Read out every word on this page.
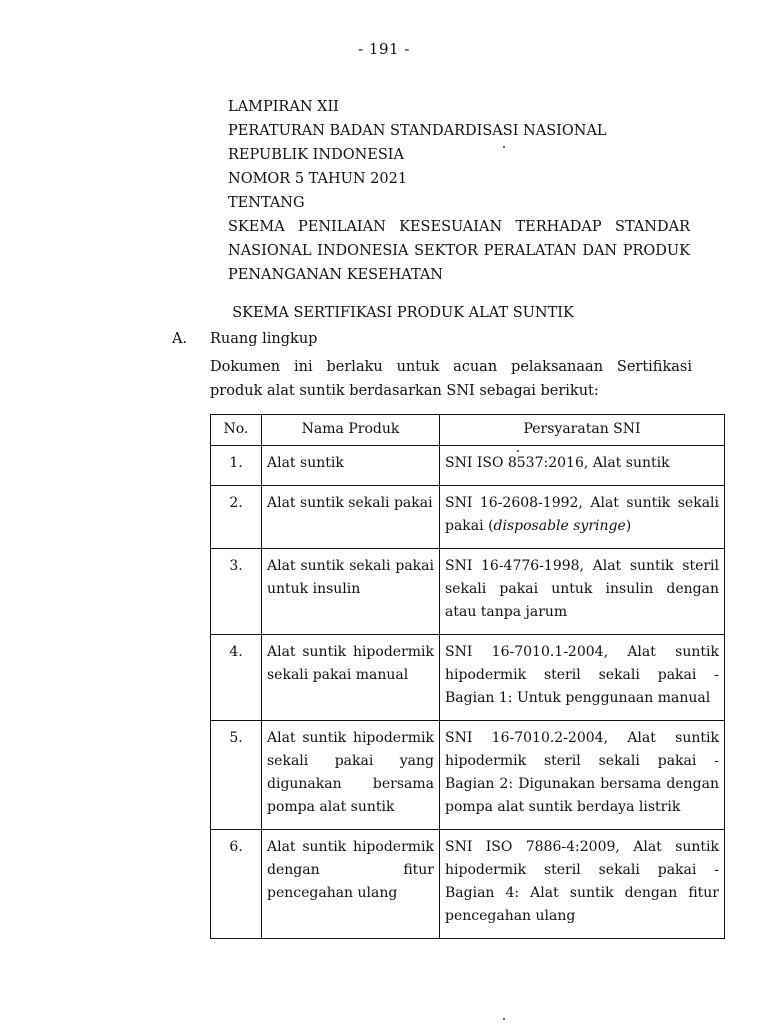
- 191 -
LAMPIRAN XII
PERATURAN BADAN STANDARDISASI NASIONAL
REPUBLIK INDONESIA
NOMOR 5 TAHUN 2021
TENTANG
SKEMA PENILAIAN KESESUAIAN TERHADAP STANDAR
NASIONAL INDONESIA SEKTOR PERALATAN DAN PRODUK
PENANGANAN KESEHATAN
SKEMA SERTIFIKASI PRODUK ALAT SUNTIK
A. Ruang lingkup
Dokumen ini berlaku untuk acuan pelaksanaan Sertifikasi
produk alat suntik berdasarkan SNI sebagai berikut:
No.	Nama Produk	Persyaratan SNI
1.	Alat suntik	SNI ISO 8537:2016, Alat suntik
2.	Alat suntik sekali pakai	SNI 16-2608-1992, Alat suntik sekali pakai (disposable syringe)
3.	Alat suntik sekali pakai untuk insulin	SNI 16-4776-1998, Alat suntik steril sekali pakai untuk insulin dengan atau tanpa jarum
4.	Alat suntik hipodermik sekali pakai manual	SNI 16-7010.1-2004, Alat suntik hipodermik steril sekali pakai - Bagian 1: Untuk penggunaan manual
5.	Alat suntik hipodermik sekali pakai yang digunakan bersama pompa alat suntik	SNI 16-7010.2-2004, Alat suntik hipodermik steril sekali pakai - Bagian 2: Digunakan bersama dengan pompa alat suntik berdaya listrik
6.	Alat suntik hipodermik dengan fitur pencegahan ulang	SNI ISO 7886-4:2009, Alat suntik hipodermik steril sekali pakai - Bagian 4: Alat suntik dengan fitur pencegahan ulang
